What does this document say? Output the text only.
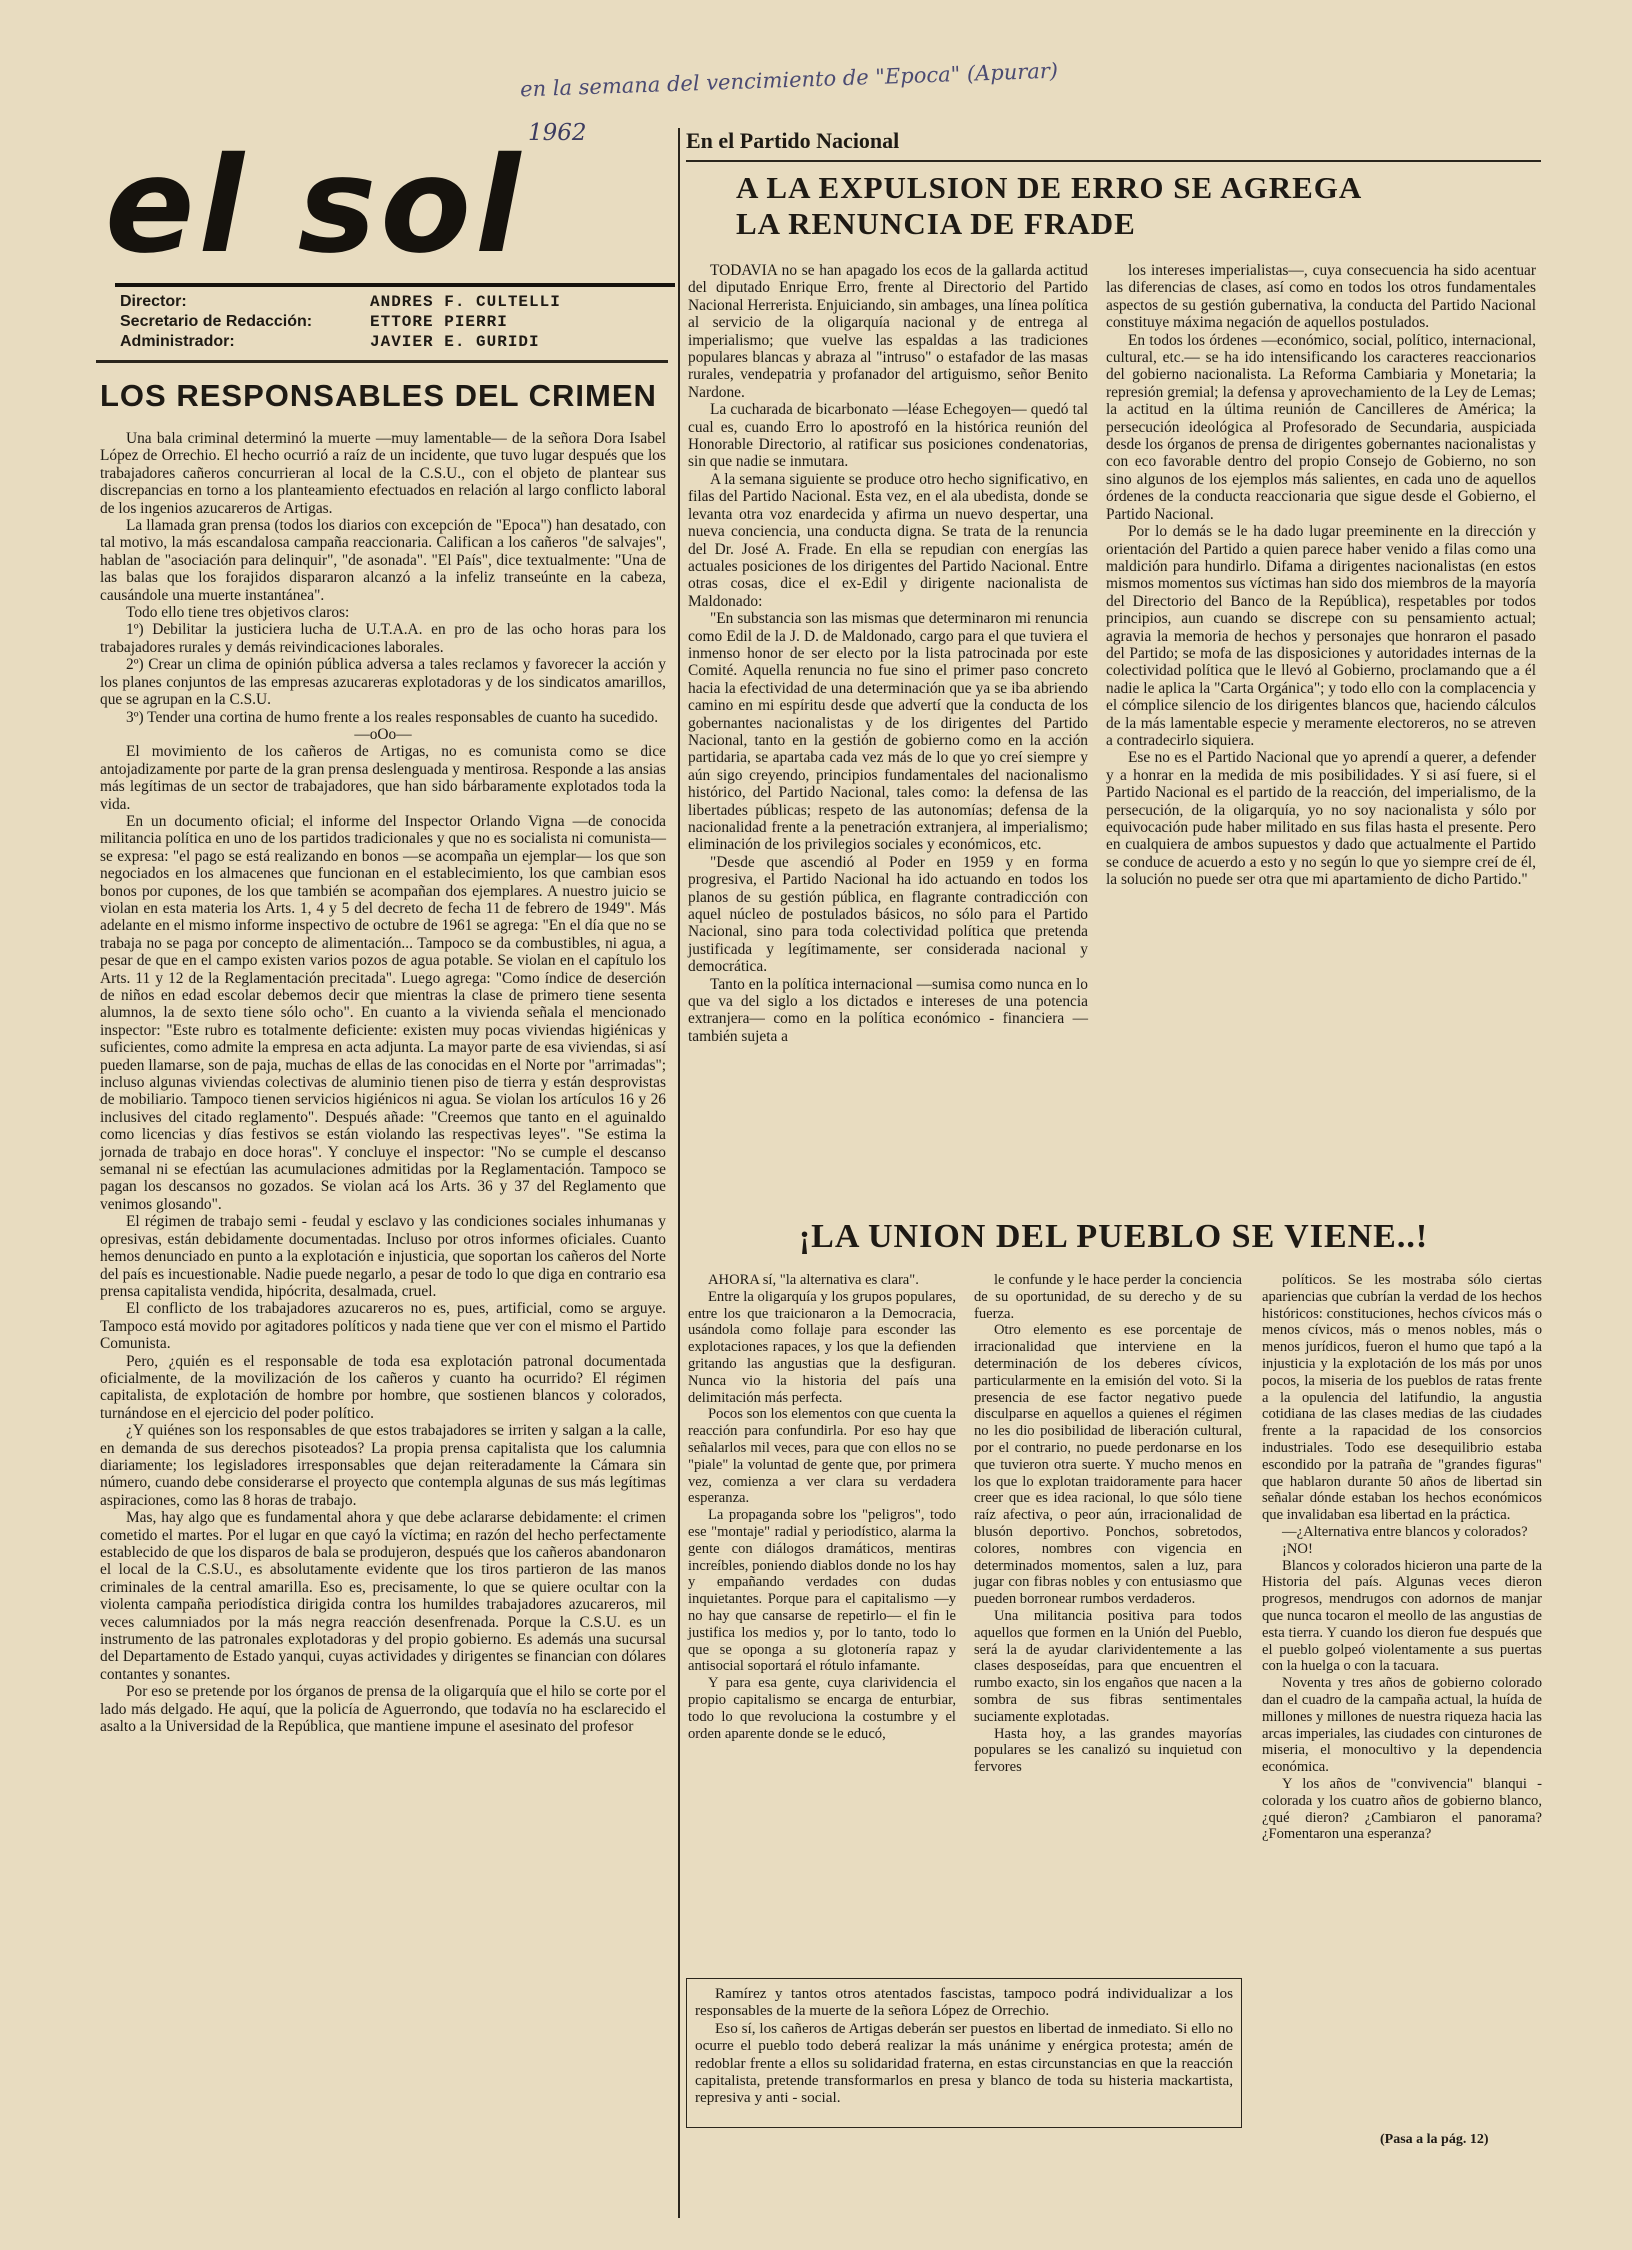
en la semana del vencimiento de "Epoca" (Apurar)
1962
el sol
Director:	ANDRES F. CULTELLI
Secretario de Redacción:	ETTORE PIERRI
Administrador:	JAVIER E. GURIDI
LOS RESPONSABLES DEL CRIMEN

Una bala criminal determinó la muerte —muy lamentable— de la señora Dora Isabel López de Orrechio. El hecho ocurrió a raíz de un incidente, que tuvo lugar después que los trabajadores cañeros concurrieran al local de la C.S.U., con el objeto de plantear sus discrepancias en torno a los planteamiento efectuados en relación al largo conflicto laboral de los ingenios azucareros de Artigas.

La llamada gran prensa (todos los diarios con excepción de "Epoca") han desatado, con tal motivo, la más escandalosa campaña reaccionaria. Califican a los cañeros "de salvajes", hablan de "asociación para delinquir", "de asonada". "El País", dice textualmente: "Una de las balas que los forajidos dispararon alcanzó a la infeliz transeúnte en la cabeza, causándole una muerte instantánea".

Todo ello tiene tres objetivos claros:

1º) Debilitar la justiciera lucha de U.T.A.A. en pro de las ocho horas para los trabajadores rurales y demás reivindicaciones laborales.

2º) Crear un clima de opinión pública adversa a tales reclamos y favorecer la acción y los planes conjuntos de las empresas azucareras explotadoras y de los sindicatos amarillos, que se agrupan en la C.S.U.

3º) Tender una cortina de humo frente a los reales responsables de cuanto ha sucedido.

—oOo—

El movimiento de los cañeros de Artigas, no es comunista como se dice antojadizamente por parte de la gran prensa deslenguada y mentirosa. Responde a las ansias más legítimas de un sector de trabajadores, que han sido bárbaramente explotados toda la vida.

En un documento oficial; el informe del Inspector Orlando Vigna —de conocida militancia política en uno de los partidos tradicionales y que no es socialista ni comunista— se expresa: "el pago se está realizando en bonos —se acompaña un ejemplar— los que son negociados en los almacenes que funcionan en el establecimiento, los que cambian esos bonos por cupones, de los que también se acompañan dos ejemplares. A nuestro juicio se violan en esta materia los Arts. 1, 4 y 5 del decreto de fecha 11 de febrero de 1949". Más adelante en el mismo informe inspectivo de octubre de 1961 se agrega: "En el día que no se trabaja no se paga por concepto de alimentación... Tampoco se da combustibles, ni agua, a pesar de que en el campo existen varios pozos de agua potable. Se violan en el capítulo los Arts. 11 y 12 de la Reglamentación precitada". Luego agrega: "Como índice de deserción de niños en edad escolar debemos decir que mientras la clase de primero tiene sesenta alumnos, la de sexto tiene sólo ocho". En cuanto a la vivienda señala el mencionado inspector: "Este rubro es totalmente deficiente: existen muy pocas viviendas higiénicas y suficientes, como admite la empresa en acta adjunta. La mayor parte de esa viviendas, si así pueden llamarse, son de paja, muchas de ellas de las conocidas en el Norte por "arrimadas"; incluso algunas viviendas colectivas de aluminio tienen piso de tierra y están desprovistas de mobiliario. Tampoco tienen servicios higiénicos ni agua. Se violan los artículos 16 y 26 inclusives del citado reglamento". Después añade: "Creemos que tanto en el aguinaldo como licencias y días festivos se están violando las respectivas leyes". "Se estima la jornada de trabajo en doce horas". Y concluye el inspector: "No se cumple el descanso semanal ni se efectúan las acumulaciones admitidas por la Reglamentación. Tampoco se pagan los descansos no gozados. Se violan acá los Arts. 36 y 37 del Reglamento que venimos glosando".

El régimen de trabajo semi - feudal y esclavo y las condiciones sociales inhumanas y opresivas, están debidamente documentadas. Incluso por otros informes oficiales. Cuanto hemos denunciado en punto a la explotación e injusticia, que soportan los cañeros del Norte del país es incuestionable. Nadie puede negarlo, a pesar de todo lo que diga en contrario esa prensa capitalista vendida, hipócrita, desalmada, cruel.

El conflicto de los trabajadores azucareros no es, pues, artificial, como se arguye. Tampoco está movido por agitadores políticos y nada tiene que ver con el mismo el Partido Comunista.

Pero, ¿quién es el responsable de toda esa explotación patronal documentada oficialmente, de la movilización de los cañeros y cuanto ha ocurrido? El régimen capitalista, de explotación de hombre por hombre, que sostienen blancos y colorados, turnándose en el ejercicio del poder político.

¿Y quiénes son los responsables de que estos trabajadores se irriten y salgan a la calle, en demanda de sus derechos pisoteados? La propia prensa capitalista que los calumnia diariamente; los legisladores irresponsables que dejan reiteradamente la Cámara sin número, cuando debe considerarse el proyecto que contempla algunas de sus más legítimas aspiraciones, como las 8 horas de trabajo.

Mas, hay algo que es fundamental ahora y que debe aclararse debidamente: el crimen cometido el martes. Por el lugar en que cayó la víctima; en razón del hecho perfectamente establecido de que los disparos de bala se produjeron, después que los cañeros abandonaron el local de la C.S.U., es absolutamente evidente que los tiros partieron de las manos criminales de la central amarilla. Eso es, precisamente, lo que se quiere ocultar con la violenta campaña periodística dirigida contra los humildes trabajadores azucareros, mil veces calumniados por la más negra reacción desenfrenada. Porque la C.S.U. es un instrumento de las patronales explotadoras y del propio gobierno. Es además una sucursal del Departamento de Estado yanqui, cuyas actividades y dirigentes se financian con dólares contantes y sonantes.

Por eso se pretende por los órganos de prensa de la oligarquía que el hilo se corte por el lado más delgado. He aquí, que la policía de Aguerrondo, que todavía no ha esclarecido el asalto a la Universidad de la República, que mantiene impune el asesinato del profesor

En el Partido Nacional
A LA EXPULSION DE ERRO SE AGREGA
LA RENUNCIA DE FRADE

TODAVIA no se han apagado los ecos de la gallarda actitud del diputado Enrique Erro, frente al Directorio del Partido Nacional Herrerista. Enjuiciando, sin ambages, una línea política al servicio de la oligarquía nacional y de entrega al imperialismo; que vuelve las espaldas a las tradiciones populares blancas y abraza al "intruso" o estafador de las masas rurales, vendepatria y profanador del artiguismo, señor Benito Nardone.

La cucharada de bicarbonato —léase Echegoyen— quedó tal cual es, cuando Erro lo apostrofó en la histórica reunión del Honorable Directorio, al ratificar sus posiciones condenatorias, sin que nadie se inmutara.

A la semana siguiente se produce otro hecho significativo, en filas del Partido Nacional. Esta vez, en el ala ubedista, donde se levanta otra voz enardecida y afirma un nuevo despertar, una nueva conciencia, una conducta digna. Se trata de la renuncia del Dr. José A. Frade. En ella se repudian con energías las actuales posiciones de los dirigentes del Partido Nacional. Entre otras cosas, dice el ex-Edil y dirigente nacionalista de Maldonado:

"En substancia son las mismas que determinaron mi renuncia como Edil de la J. D. de Maldonado, cargo para el que tuviera el inmenso honor de ser electo por la lista patrocinada por este Comité. Aquella renuncia no fue sino el primer paso concreto hacia la efectividad de una determinación que ya se iba abriendo camino en mi espíritu desde que advertí que la conducta de los gobernantes nacionalistas y de los dirigentes del Partido Nacional, tanto en la gestión de gobierno como en la acción partidaria, se apartaba cada vez más de lo que yo creí siempre y aún sigo creyendo, principios fundamentales del nacionalismo histórico, del Partido Nacional, tales como: la defensa de las libertades públicas; respeto de las autonomías; defensa de la nacionalidad frente a la penetración extranjera, al imperialismo; eliminación de los privilegios sociales y económicos, etc.

"Desde que ascendió al Poder en 1959 y en forma progresiva, el Partido Nacional ha ido actuando en todos los planos de su gestión pública, en flagrante contradicción con aquel núcleo de postulados básicos, no sólo para el Partido Nacional, sino para toda colectividad política que pretenda justificada y legítimamente, ser considerada nacional y democrática.

Tanto en la política internacional —sumisa como nunca en lo que va del siglo a los dictados e intereses de una potencia extranjera— como en la política económico - financiera —también sujeta a

los intereses imperialistas—, cuya consecuencia ha sido acentuar las diferencias de clases, así como en todos los otros fundamentales aspectos de su gestión gubernativa, la conducta del Partido Nacional constituye máxima negación de aquellos postulados.

En todos los órdenes —económico, social, político, internacional, cultural, etc.— se ha ido intensificando los caracteres reaccionarios del gobierno nacionalista. La Reforma Cambiaria y Monetaria; la represión gremial; la defensa y aprovechamiento de la Ley de Lemas; la actitud en la última reunión de Cancilleres de América; la persecución ideológica al Profesorado de Secundaria, auspiciada desde los órganos de prensa de dirigentes gobernantes nacionalistas y con eco favorable dentro del propio Consejo de Gobierno, no son sino algunos de los ejemplos más salientes, en cada uno de aquellos órdenes de la conducta reaccionaria que sigue desde el Gobierno, el Partido Nacional.

Por lo demás se le ha dado lugar preeminente en la dirección y orientación del Partido a quien parece haber venido a filas como una maldición para hundirlo. Difama a dirigentes nacionalistas (en estos mismos momentos sus víctimas han sido dos miembros de la mayoría del Directorio del Banco de la República), respetables por todos principios, aun cuando se discrepe con su pensamiento actual; agravia la memoria de hechos y personajes que honraron el pasado del Partido; se mofa de las disposiciones y autoridades internas de la colectividad política que le llevó al Gobierno, proclamando que a él nadie le aplica la "Carta Orgánica"; y todo ello con la complacencia y el cómplice silencio de los dirigentes blancos que, haciendo cálculos de la más lamentable especie y meramente electoreros, no se atreven a contradecirlo siquiera.

Ese no es el Partido Nacional que yo aprendí a querer, a defender y a honrar en la medida de mis posibilidades. Y si así fuere, si el Partido Nacional es el partido de la reacción, del imperialismo, de la persecución, de la oligarquía, yo no soy nacionalista y sólo por equivocación pude haber militado en sus filas hasta el presente. Pero en cualquiera de ambos supuestos y dado que actualmente el Partido se conduce de acuerdo a esto y no según lo que yo siempre creí de él, la solución no puede ser otra que mi apartamiento de dicho Partido."

¡LA UNION DEL PUEBLO SE VIENE..!

AHORA sí, "la alternativa es clara".

Entre la oligarquía y los grupos populares, entre los que traicionaron a la Democracia, usándola como follaje para esconder las explotaciones rapaces, y los que la defienden gritando las angustias que la desfiguran. Nunca vio la historia del país una delimitación más perfecta.

Pocos son los elementos con que cuenta la reacción para confundirla. Por eso hay que señalarlos mil veces, para que con ellos no se "piale" la voluntad de gente que, por primera vez, comienza a ver clara su verdadera esperanza.

La propaganda sobre los "peligros", todo ese "montaje" radial y periodístico, alarma la gente con diálogos dramáticos, mentiras increíbles, poniendo diablos donde no los hay y empañando verdades con dudas inquietantes. Porque para el capitalismo —y no hay que cansarse de repetirlo— el fin le justifica los medios y, por lo tanto, todo lo que se oponga a su glotonería rapaz y antisocial soportará el rótulo infamante.

Y para esa gente, cuya clarividencia el propio capitalismo se encarga de enturbiar, todo lo que revoluciona la costumbre y el orden aparente donde se le educó,

le confunde y le hace perder la conciencia de su oportunidad, de su derecho y de su fuerza.

Otro elemento es ese porcentaje de irracionalidad que interviene en la determinación de los deberes cívicos, particularmente en la emisión del voto. Si la presencia de ese factor negativo puede disculparse en aquellos a quienes el régimen no les dio posibilidad de liberación cultural, por el contrario, no puede perdonarse en los que tuvieron otra suerte. Y mucho menos en los que lo explotan traidoramente para hacer creer que es idea racional, lo que sólo tiene raíz afectiva, o peor aún, irracionalidad de blusón deportivo. Ponchos, sobretodos, colores, nombres con vigencia en determinados momentos, salen a luz, para jugar con fibras nobles y con entusiasmo que pueden borronear rumbos verdaderos.

Una militancia positiva para todos aquellos que formen en la Unión del Pueblo, será la de ayudar clarividentemente a las clases desposeídas, para que encuentren el rumbo exacto, sin los engaños que nacen a la sombra de sus fibras sentimentales suciamente explotadas.

Hasta hoy, a las grandes mayorías populares se les canalizó su inquietud con fervores

políticos. Se les mostraba sólo ciertas apariencias que cubrían la verdad de los hechos históricos: constituciones, hechos cívicos más o menos cívicos, más o menos nobles, más o menos jurídicos, fueron el humo que tapó a la injusticia y la explotación de los más por unos pocos, la miseria de los pueblos de ratas frente a la opulencia del latifundio, la angustia cotidiana de las clases medias de las ciudades frente a la rapacidad de los consorcios industriales. Todo ese desequilibrio estaba escondido por la patraña de "grandes figuras" que hablaron durante 50 años de libertad sin señalar dónde estaban los hechos económicos que invalidaban esa libertad en la práctica.

—¿Alternativa entre blancos y colorados?

¡NO!

Blancos y colorados hicieron una parte de la Historia del país. Algunas veces dieron progresos, mendrugos con adornos de manjar que nunca tocaron el meollo de las angustias de esta tierra. Y cuando los dieron fue después que el pueblo golpeó violentamente a sus puertas con la huelga o con la tacuara.

Noventa y tres años de gobierno colorado dan el cuadro de la campaña actual, la huída de millones y millones de nuestra riqueza hacia las arcas imperiales, las ciudades con cinturones de miseria, el monocultivo y la dependencia económica.

Y los años de "convivencia" blanqui - colorada y los cuatro años de gobierno blanco, ¿qué dieron? ¿Cambiaron el panorama? ¿Fomentaron una esperanza?

Ramírez y tantos otros atentados fascistas, tampoco podrá individualizar a los responsables de la muerte de la señora López de Orrechio.

Eso sí, los cañeros de Artigas deberán ser puestos en libertad de inmediato. Si ello no ocurre el pueblo todo deberá realizar la más unánime y enérgica protesta; amén de redoblar frente a ellos su solidaridad fraterna, en estas circunstancias en que la reacción capitalista, pretende transformarlos en presa y blanco de toda su histeria mackartista, represiva y anti - social.

(Pasa a la pág. 12)
